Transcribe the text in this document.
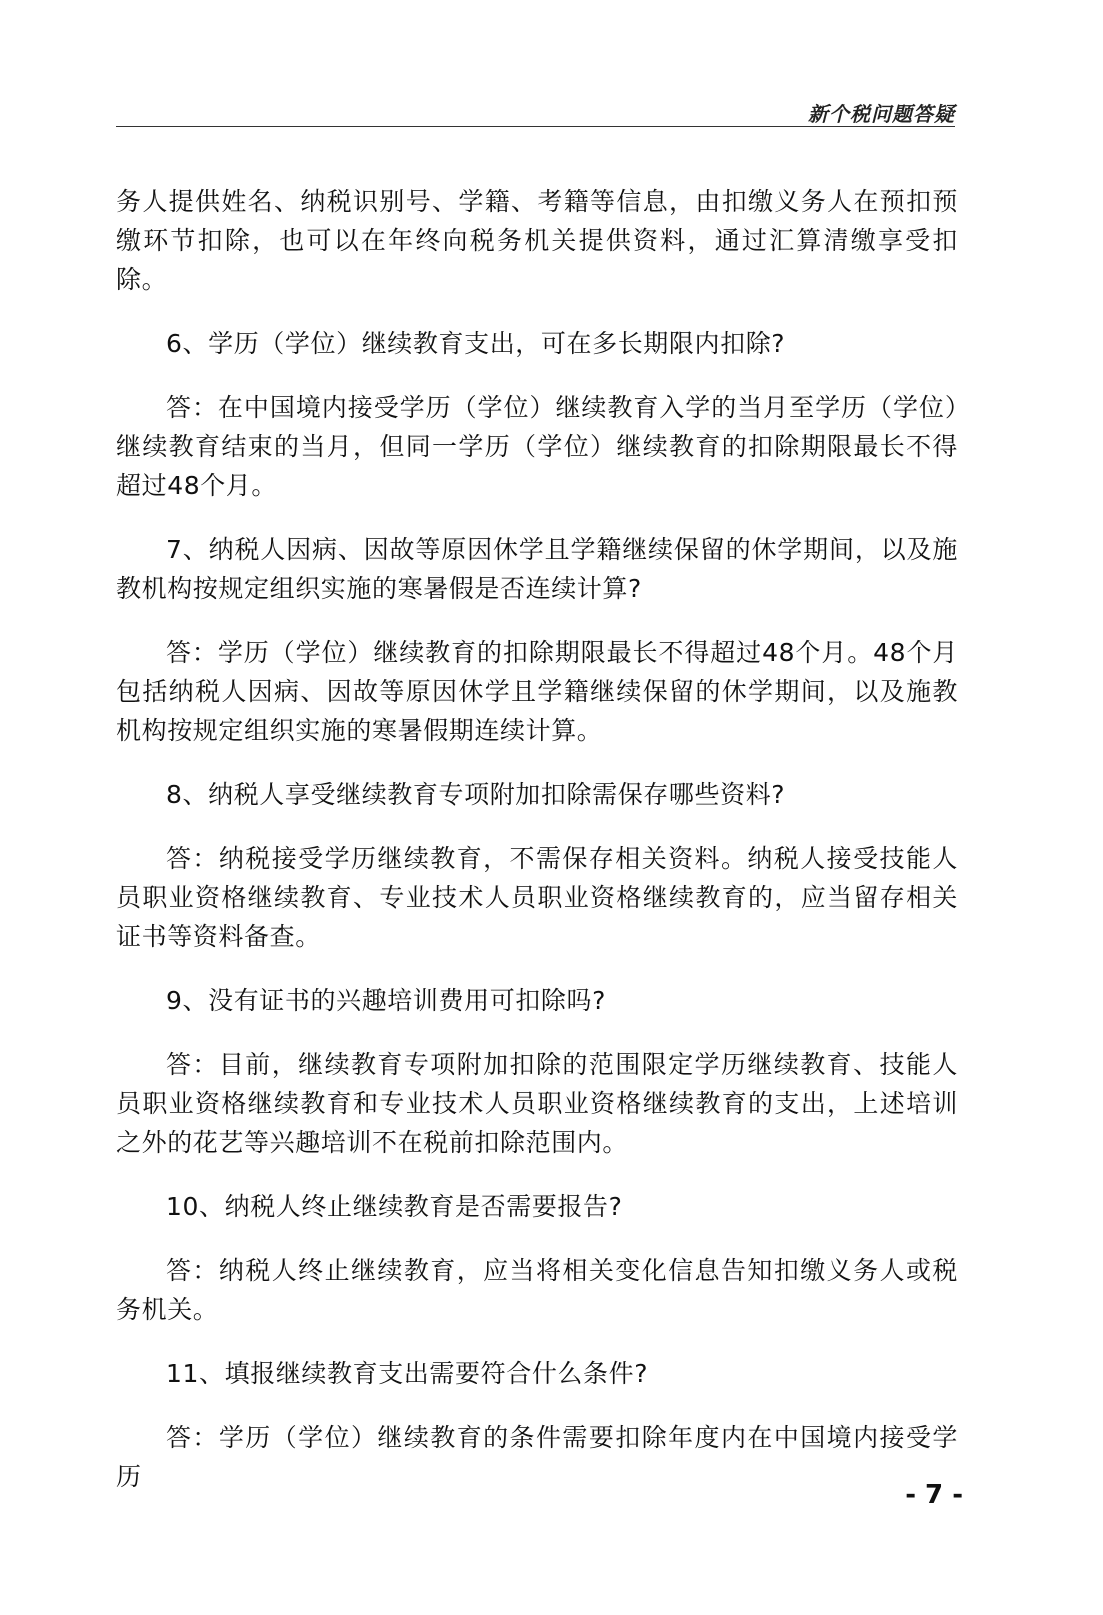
新个税问题答疑

务人提供姓名、纳税识别号、学籍、考籍等信息，由扣缴义务人在预扣预缴环节扣除，也可以在年终向税务机关提供资料，通过汇算清缴享受扣除。

6、学历（学位）继续教育支出，可在多长期限内扣除?

答：在中国境内接受学历（学位）继续教育入学的当月至学历（学位）继续教育结束的当月，但同一学历（学位）继续教育的扣除期限最长不得超过48个月。

7、纳税人因病、因故等原因休学且学籍继续保留的休学期间，以及施教机构按规定组织实施的寒暑假是否连续计算?

答：学历（学位）继续教育的扣除期限最长不得超过48个月。48个月包括纳税人因病、因故等原因休学且学籍继续保留的休学期间，以及施教机构按规定组织实施的寒暑假期连续计算。

8、纳税人享受继续教育专项附加扣除需保存哪些资料?

答：纳税接受学历继续教育，不需保存相关资料。纳税人接受技能人员职业资格继续教育、专业技术人员职业资格继续教育的，应当留存相关证书等资料备查。

9、没有证书的兴趣培训费用可扣除吗?

答：目前，继续教育专项附加扣除的范围限定学历继续教育、技能人员职业资格继续教育和专业技术人员职业资格继续教育的支出，上述培训之外的花艺等兴趣培训不在税前扣除范围内。

10、纳税人终止继续教育是否需要报告?

答：纳税人终止继续教育，应当将相关变化信息告知扣缴义务人或税务机关。

11、填报继续教育支出需要符合什么条件?

答：学历（学位）继续教育的条件需要扣除年度内在中国境内接受学历

- 7 -
